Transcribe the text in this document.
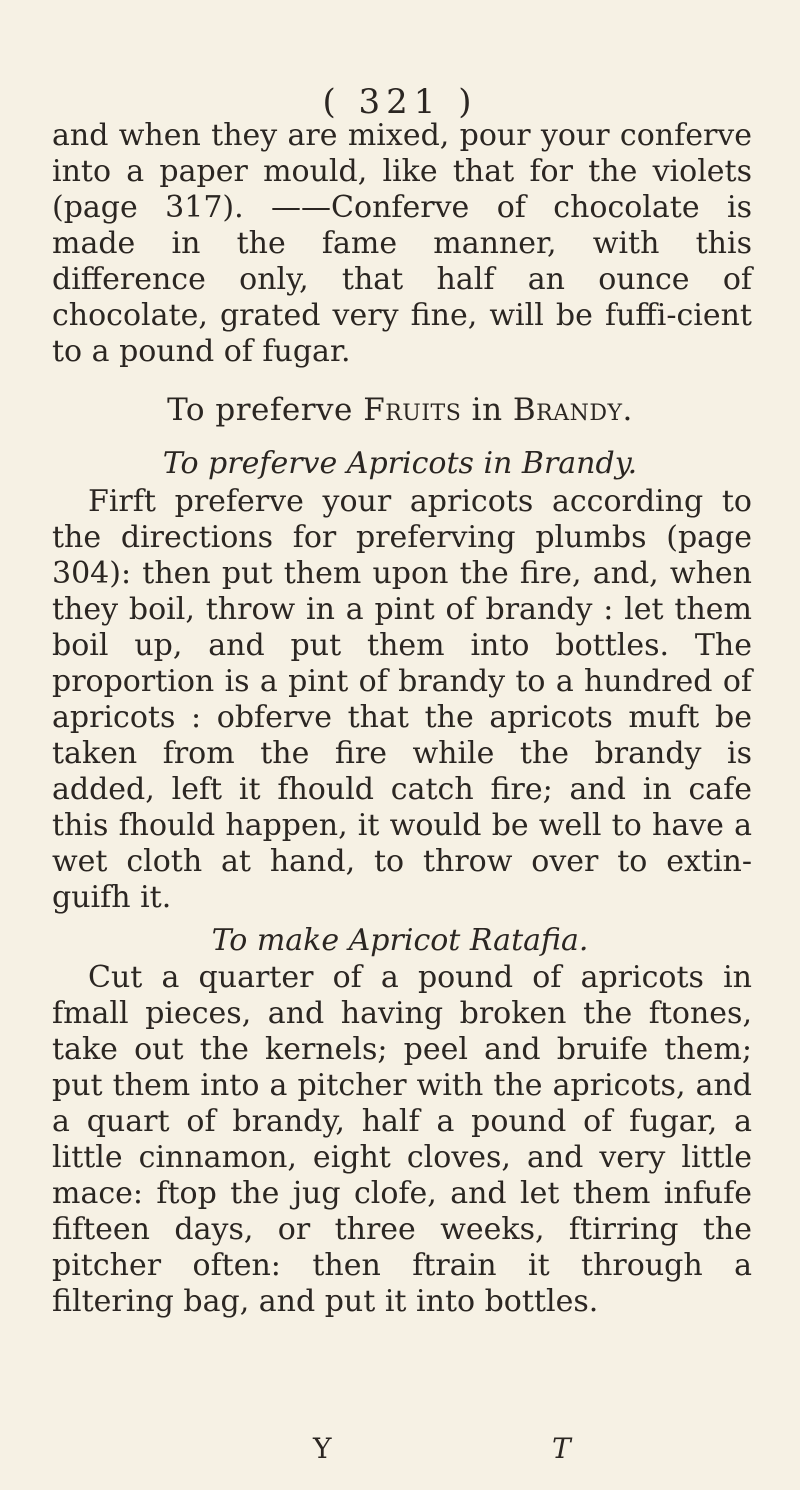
( 321 )

and when they are mixed, pour your conferve into a paper mould, like that for the violets (page 317). ——Conferve of chocolate is made in the fame manner, with this difference only, that half an ounce of chocolate, grated very fine, will be fuffi-cient to a pound of fugar.

To preferve Fruits in Brandy.
To preferve Apricots in Brandy.

Firft preferve your apricots according to the directions for preferving plumbs (page 304): then put them upon the fire, and, when they boil, throw in a pint of brandy : let them boil up, and put them into bottles. The proportion is a pint of brandy to a hundred of apricots : obferve that the apricots muft be taken from the fire while the brandy is added, left it fhould catch fire; and in cafe this fhould happen, it would be well to have a wet cloth at hand, to throw over to extin-guifh it.

To make Apricot Ratafia.

Cut a quarter of a pound of apricots in fmall pieces, and having broken the ftones, take out the kernels; peel and bruife them; put them into a pitcher with the apricots, and a quart of brandy, half a pound of fugar, a little cinnamon, eight cloves, and very little mace: ftop the jug clofe, and let them infufe fifteen days, or three weeks, ftirring the pitcher often: then ftrain it through a filtering bag, and put it into bottles.

Y	T
